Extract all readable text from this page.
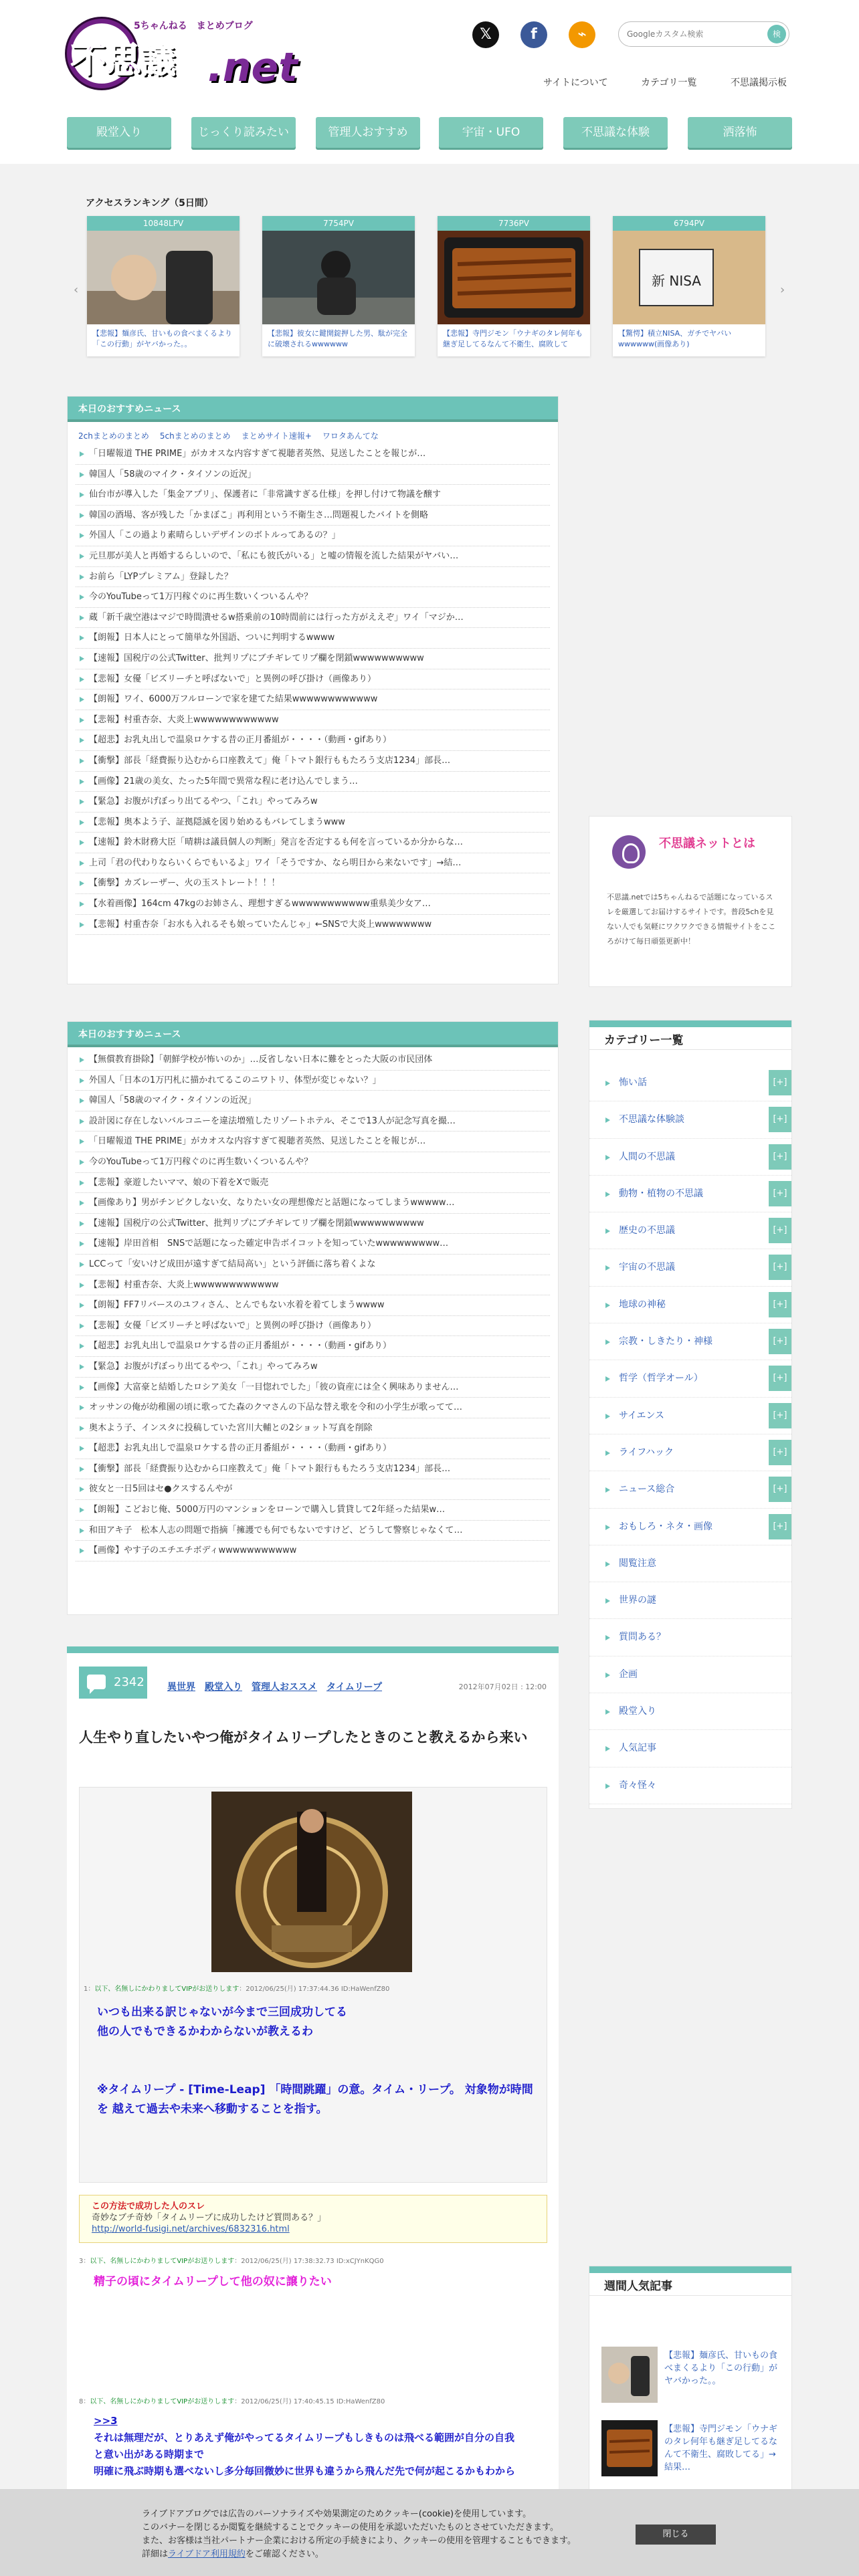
不思議
5ちゃんねる　まとめブログ
.net
𝕏	f	⌁
Googleカスタム検索	検
サイトについて	カテゴリ一覧	不思議掲示板
殿堂入り	じっくり読みたい	管理人おすすめ	宇宙・UFO	不思議な体験	洒落怖
アクセスランキング（5日間）
‹	›
10848LPV
【悲報】麺彦氏、甘いもの食べまくるより「この行動」がヤバかった。。
7754PV
【悲報】彼女に鍵開錠押した男、駄が完全に破壊されるwwwwww
7736PV
【悲報】寺門ジモン「ウナギのタレ何年も継ぎ足してるなんて不衛生、腐敗して
6794PV
新 NISA
【驚愕】積立NISA、ガチでヤバいwwwwww(画像あり)
本日のおすすめニュース
2chまとめのまとめ 5chまとめのまとめ まとめサイト速報+ ワロタあんてな
「日曜報道 THE PRIME」がカオスな内容すぎて視聴者英然、見送したことを報じが…
韓国人「58歳のマイク・タイソンの近況」
仙台市が導入した「集金アプリ」、保護者に「非常識すぎる仕様」を押し付けて物議を醸す
韓国の酒場、客が残した「かまぼこ」再利用という不衛生さ…問題視したバイトを側略
外国人「この過より素晴らしいデザインのボトルってあるの？」
元旦那が美人と再婚するらしいので、「私にも彼氏がいる」と嘘の情報を流した結果がヤバい…
お前ら「LYPプレミアム」登録した？
今のYouTubeって1万円稼ぐのに再生数いくついるんや？
蔵「新千歳空港はマジで時間潰せるw搭乗前の10時間前には行った方がええぞ」ワイ「マジか…
【朗報】日本人にとって簡単な外国語、ついに判明するwwww
【速報】国税庁の公式Twitter、批判リプにブチギレてリプ欄を閉鎖wwwwwwwwww
【悲報】女優「ビズリーチと呼ばないで」と異例の呼び掛け（画像あり）
【朗報】ワイ、6000万フルローンで家を建てた結果wwwwwwwwwwww
【悲報】村重杏奈、大炎上wwwwwwwwwwww
【超悲】お乳丸出しで温泉ロケする昔の正月番組が・・・・（動画・gifあり）
【衝撃】部長「経費振り込むから口座教えて」俺「トマト銀行ももたろう支店1234」部長…
【画像】21歳の美女、たった5年間で異常な程に老け込んでしまう…
【緊急】お腹がげぼっり出てるやつ、「これ」やってみろw
【悲報】奥本よう子、証拠隠滅を図り始めるもバレてしまうwww
【速報】鈴木財務大臣「晴耕は議員個人の判断」発言を否定するも何を言っているか分からな…
上司「君の代わりならいくらでもいるよ」ワイ「そうですか、なら明日から来ないです」→結…
【衝撃】カズレーザー、火の玉ストレート！！！
【水着画像】164cm 47kgのお姉さん、理想すぎるwwwwwwwwwww重県美少女ア…
【悲報】村重杏奈「お水も入れるそも娘っていたんじゃ」←SNSで大炎上wwwwwwww
本日のおすすめニュース
【無償教育掛除】「朝鮮学校が怖いのか」…反省しない日本に難をとった大阪の市民団体
外国人「日本の1万円札に描かれてるこのニワトリ、体型が変じゃない？」
韓国人「58歳のマイク・タイソンの近況」
設計図に存在しないバルコニーを違法増殖したリゾートホテル、そこで13人が記念写真を撮…
「日曜報道 THE PRIME」がカオスな内容すぎて視聴者英然、見送したことを報じが…
今のYouTubeって1万円稼ぐのに再生数いくついるんや？
【悲報】豪遊したいママ、娘の下着をXで販売
【画像あり】男がチンピクしない女、なりたい女の理想像だと話題になってしまうwwwww…
【速報】国税庁の公式Twitter、批判リプにブチギレてリプ欄を閉鎖wwwwwwwwww
【速報】岸田首相　SNSで話題になった確定申告ボイコットを知っていたwwwwwwwww…
LCCって「安いけど成田が遠すぎて結局高い」という評価に落ち着くよな
【悲報】村重杏奈、大炎上wwwwwwwwwwww
【朗報】FF7リバースのユフィさん、とんでもない水着を着てしまうwwww
【悲報】女優「ビズリーチと呼ばないで」と異例の呼び掛け（画像あり）
【超悲】お乳丸出しで温泉ロケする昔の正月番組が・・・・（動画・gifあり）
【緊急】お腹がげぼっり出てるやつ、「これ」やってみろw
【画像】大富豪と結婚したロシア美女「一目惚れでした」「彼の資産には全く興味ありません…
オッサンの俺が幼稚園の頃に歌ってた森のクマさんの下品な替え歌を令和の小学生が歌ってて…
奥木よう子、インスタに投稿していた宮川大輔との2ショット写真を削除
【超悲】お乳丸出しで温泉ロケする昔の正月番組が・・・・（動画・gifあり）
【衝撃】部長「経費振り込むから口座教えて」俺「トマト銀行ももたろう支店1234」部長…
彼女と一日5回はセ●クスするんやが
【朗報】こどおじ俺、5000万円のマンションをローンで購入し賃貸して2年経った結果w…
和田アキ子　松本人志の問題で指摘「擁護でも何でもないですけど、どうして警察じゃなくて…
【画像】やす子のエチエチボディwwwwwwwwwww
2342 異世界 殿堂入り 管理人おススメ タイムリープ	2012年07月02日 : 12:00
人生やり直したいやつ俺がタイムリープしたときのこと教えるから来い
1：以下、名無しにかわりましてVIPがお送りします：2012/06/25(月) 17:37:44.36 ID:HaWenfZ80
いつも出来る訳じゃないが今まで三回成功してる
他の人でもできるかわからないが教えるわ
※タイムリープ - [Time-Leap] 「時間跳躍」の意。タイム・リープ。 対象物が時間
を 越えて過去や未来へ移動することを指す。
この方法で成功した人のスレ
奇妙なブチ奇妙「タイムリープに成功したけど質問ある？」
http://world-fusigi.net/archives/6832316.html
3：以下、名無しにかわりましてVIPがお送りします：2012/06/25(月) 17:38:32.73 ID:xCJYnKQG0
精子の頃にタイムリープして他の奴に譲りたい
8：以下、名無しにかわりましてVIPがお送りします：2012/06/25(月) 17:40:45.15 ID:HaWenfZ80
>>3
それは無理だが、とりあえず俺がやってるタイムリープもしきものは飛べる範囲が自分の自我
と意い出がある時期まで
明確に飛ぶ時期も選べないし多分毎回微妙に世界も違うから飛んだ先で何が起こるかもわから
不思議ネットとは
不思議.netでは5ちゃんねるで話題になっているスレを厳選してお届けするサイトです。普段5chを見ない人でも気軽にワクワクできる情報サイトをこころがけて毎日頑張更新中！
カテゴリー一覧
怖い話	[+]
不思議な体験談	[+]
人間の不思議	[+]
動物・植物の不思議	[+]
歴史の不思議	[+]
宇宙の不思議	[+]
地球の神秘	[+]
宗教・しきたり・神様	[+]
哲学（哲学オール）	[+]
サイエンス	[+]
ライフハック	[+]
ニュース総合	[+]
おもしろ・ネタ・画像	[+]
閲覧注意
世界の謎
質問ある？
企画
殿堂入り
人気記事
奇々怪々
週間人気記事
【悲報】麺彦氏、甘いもの食べまくるより「この行動」がヤバかった。。
【悲報】寺門ジモン「ウナギのタレ何年も継ぎ足してるなんて不衛生、腐敗してる」→結果…
ライブドアブログでは広告のパーソナライズや効果測定のためクッキー(cookie)を使用しています。
このバナーを閉じるか閲覧を継続することでクッキーの使用を承認いただいたものとさせていただきます。
また、お客様は当社パートナー企業における所定の手続きにより、クッキーの使用を管理することもできます。
詳細はライブドア利用規約をご確認ください。
閉じる
